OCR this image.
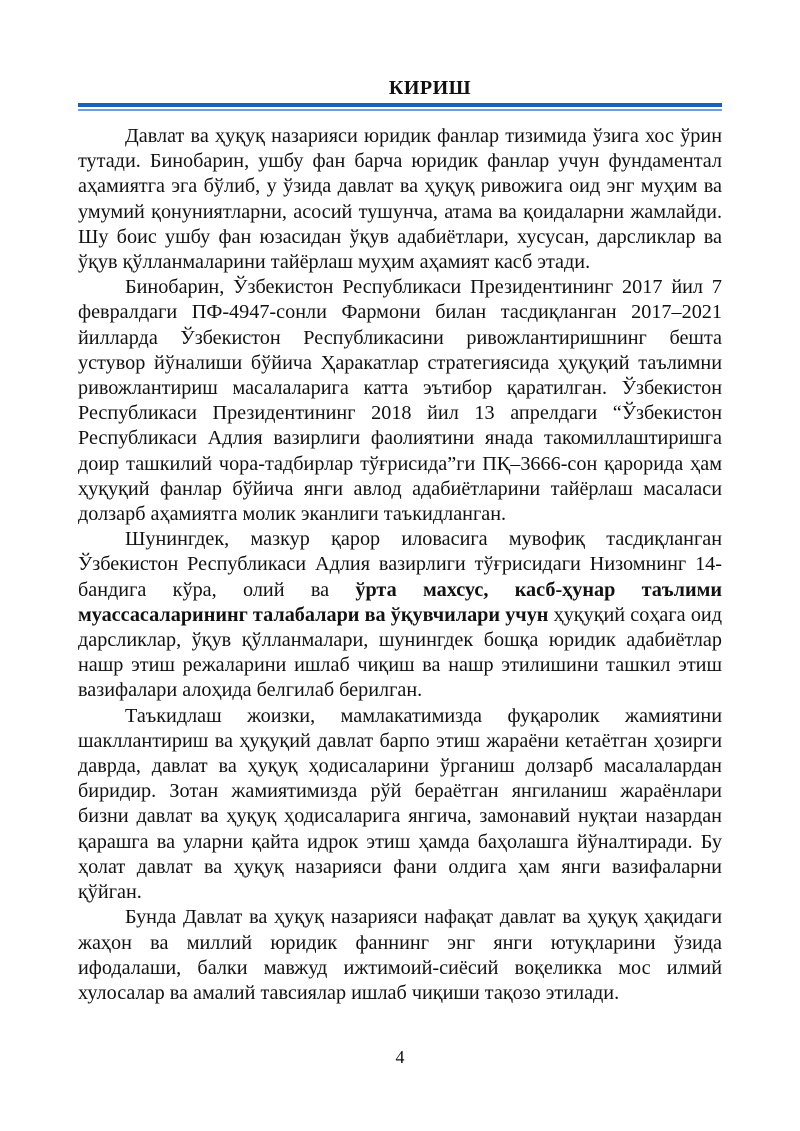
КИРИШ

Давлат ва ҳуқуқ назарияси юридик фанлар тизимида ўзига хос ўрин тутади. Бинобарин, ушбу фан барча юридик фанлар учун фундаментал аҳамиятга эга бўлиб, у ўзида давлат ва ҳуқуқ ривожига оид энг муҳим ва умумий қонуниятларни, асосий тушунча, атама ва қоидаларни жамлайди. Шу боис ушбу фан юзасидан ўқув адабиётлари, хусусан, дарсликлар ва ўқув қўлланмаларини тайёрлаш муҳим аҳамият касб этади.

Бинобарин, Ўзбекистон Республикаси Президентининг 2017 йил 7 февралдаги ПФ-4947-сонли Фармони билан тасдиқланган 2017–2021 йилларда Ўзбекистон Республикасини ривожлантиришнинг бешта устувор йўналиши бўйича Ҳаракатлар стратегиясида ҳуқуқий таълимни ривожлантириш масалаларига катта эътибор қаратилган. Ўзбекистон Республикаси Президентининг 2018 йил 13 апрелдаги “Ўзбекистон Республикаси Адлия вазирлиги фаолиятини янада такомиллаштиришга доир ташкилий чора-тадбирлар тўғрисида”ги ПҚ–3666-сон қарорида ҳам ҳуқуқий фанлар бўйича янги авлод адабиётларини тайёрлаш масаласи долзарб аҳамиятга молик эканлиги таъкидланган.

Шунингдек, мазкур қарор иловасига мувофиқ тасдиқланган Ўзбекистон Республикаси Адлия вазирлиги тўғрисидаги Низомнинг 14-бандига кўра, олий ва ўрта махсус, касб-ҳунар таълими муассасаларининг талабалари ва ўқувчилари учун ҳуқуқий соҳага оид дарсликлар, ўқув қўлланмалари, шунингдек бошқа юридик адабиётлар нашр этиш режаларини ишлаб чиқиш ва нашр этилишини ташкил этиш вазифалари алоҳида белгилаб берилган.

Таъкидлаш жоизки, мамлакатимизда фуқаролик жамиятини шакллантириш ва ҳуқуқий давлат барпо этиш жараёни кетаётган ҳозирги даврда, давлат ва ҳуқуқ ҳодисаларини ўрганиш долзарб масалалардан биридир. Зотан жамиятимизда рўй бераётган янгиланиш жараёнлари бизни давлат ва ҳуқуқ ҳодисаларига янгича, замонавий нуқтаи назардан қарашга ва уларни қайта идрок этиш ҳамда баҳолашга йўналтиради. Бу ҳолат давлат ва ҳуқуқ назарияси фани олдига ҳам янги вазифаларни қўйган.

Бунда Давлат ва ҳуқуқ назарияси нафақат давлат ва ҳуқуқ ҳақидаги жаҳон ва миллий юридик фаннинг энг янги ютуқларини ўзида ифодалаши, балки мавжуд ижтимоий-сиёсий воқеликка мос илмий хулосалар ва амалий тавсиялар ишлаб чиқиши тақозо этилади.

4
